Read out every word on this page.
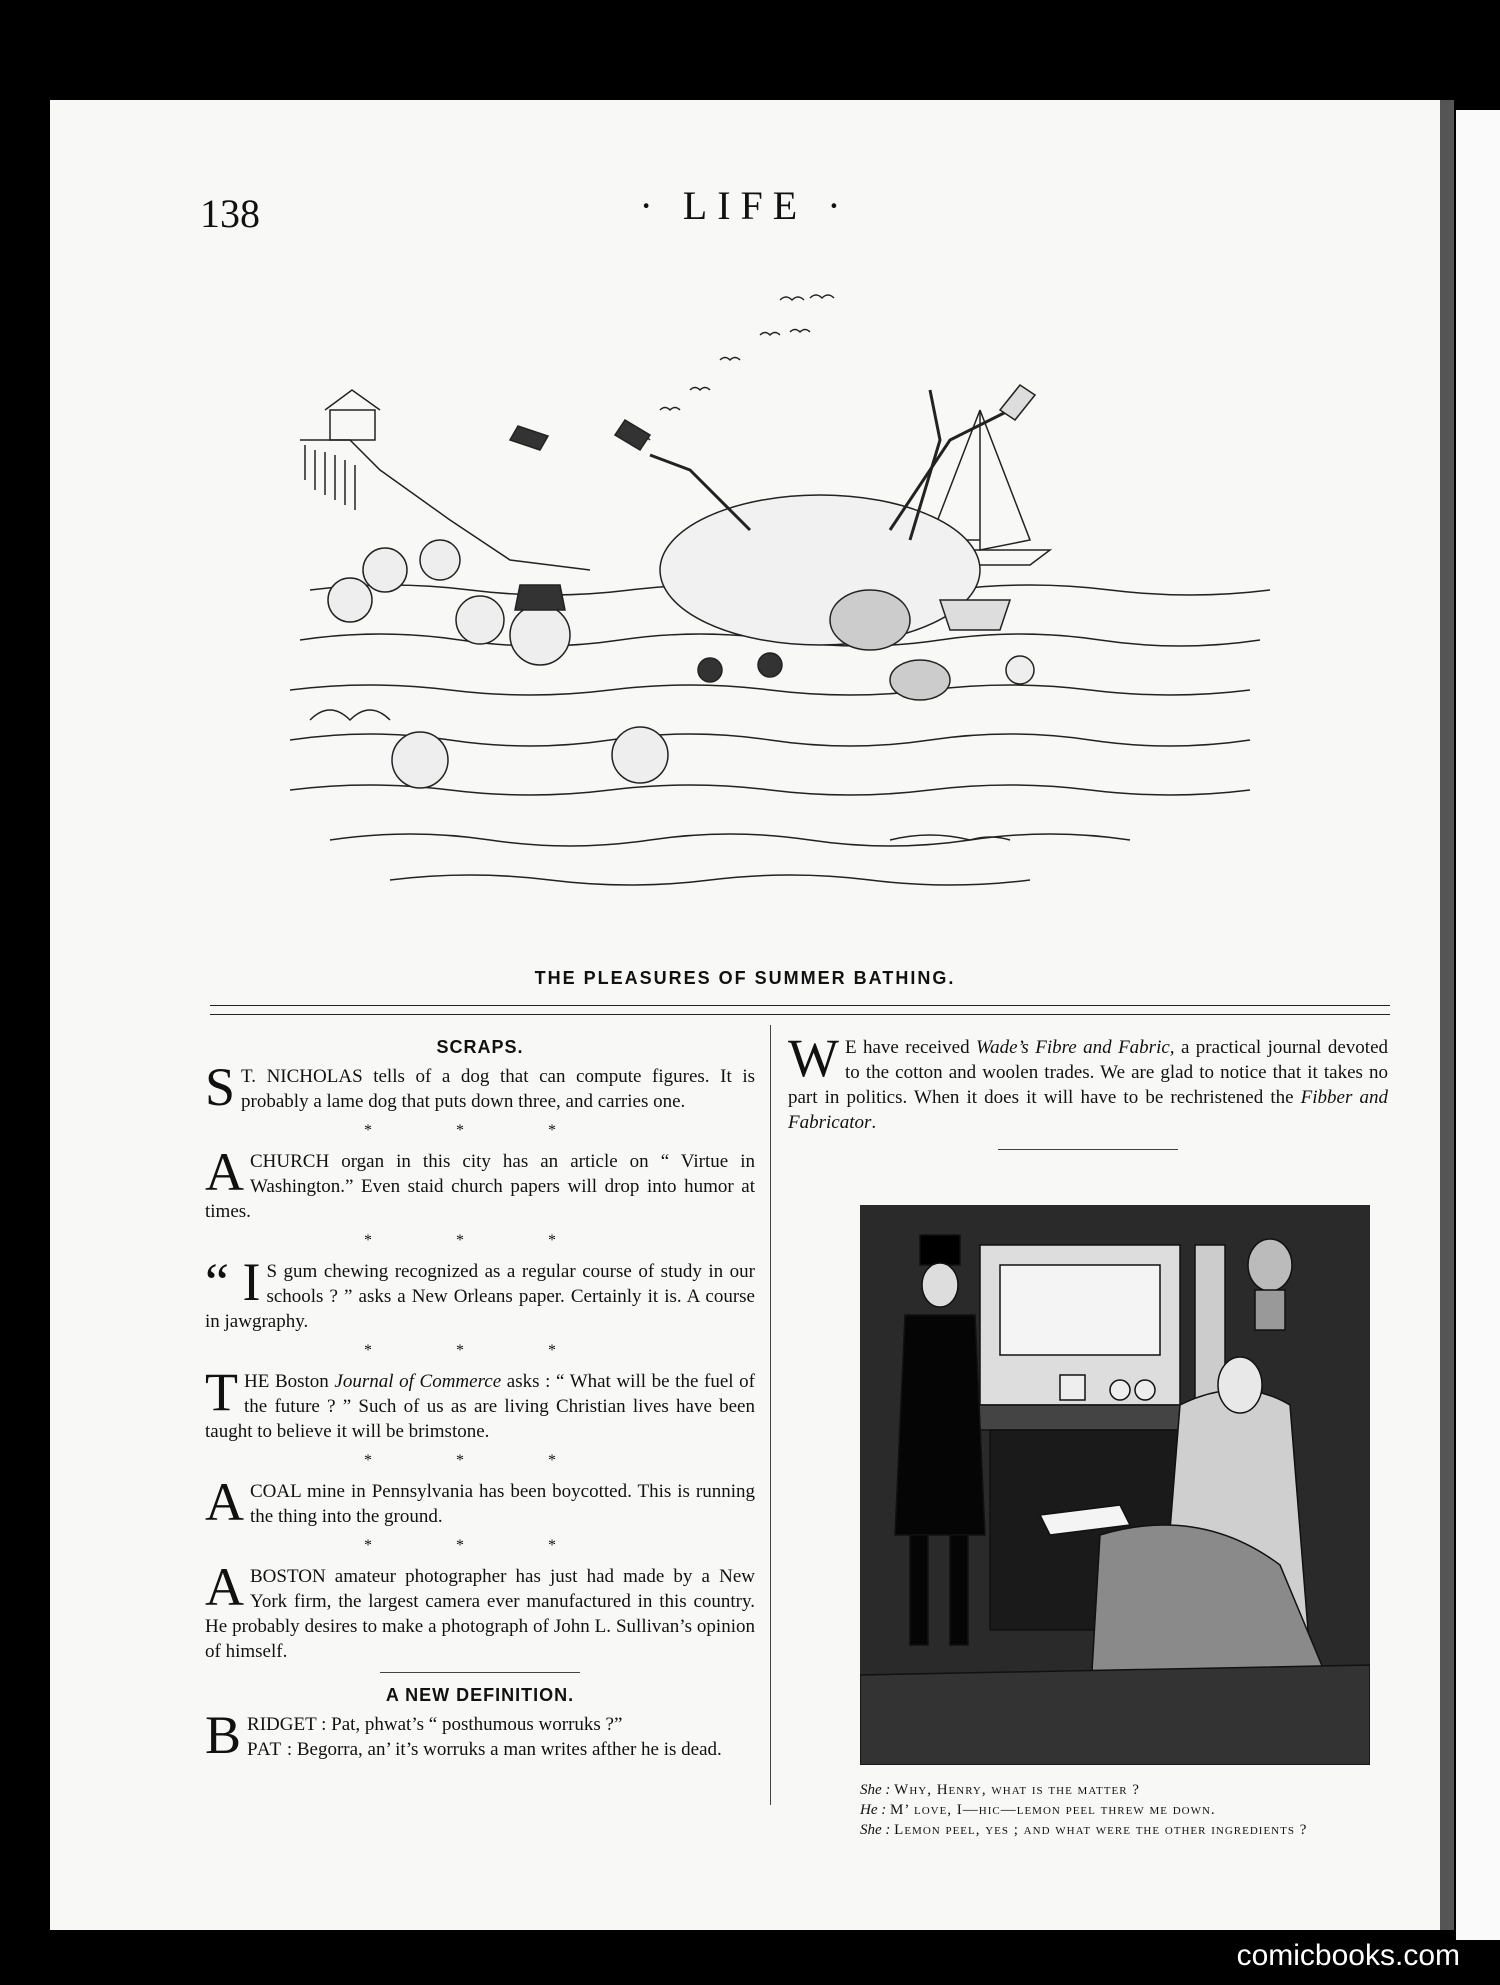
138	· LIFE ·
THE PLEASURES OF SUMMER BATHING.
SCRAPS.

S T. NICHOLAS tells of a dog that can compute figures. It is probably a lame dog that puts down three, and carries one.

* * *

ACHURCH organ in this city has an article on “ Virtue in Washington.” Even staid church papers will drop into humor at times.

* * *

“ I S gum chewing recognized as a regular course of study in our schools ? ” asks a New Orleans paper. Certainly it is. A course in jawgraphy.

* * *

THE Boston Journal of Commerce asks : “ What will be the fuel of the future ? ” Such of us as are living Christian lives have been taught to believe it will be brimstone.

* * *

ACOAL mine in Pennsylvania has been boycotted. This is running the thing into the ground.

* * *

ABOSTON amateur photographer has just had made by a New York firm, the largest camera ever manufactured in this country. He probably desires to make a photograph of John L. Sullivan’s opinion of himself.

A NEW DEFINITION.

BRIDGET : Pat, phwat’s “ posthumous worruks ?”
PAT : Begorra, an’ it’s worruks a man writes afther he is dead.

W E have received Wade’s Fibre and Fabric, a practical journal devoted to the cotton and woolen trades. We are glad to notice that it takes no part in politics. When it does it will have to be rechristened the Fibber and Fabricator.

She : Why, Henry, what is the matter ?

He : M’ love, I—hic—lemon peel threw me down.

She : Lemon peel, yes ; and what were the other ingredients ?

comicbooks.com
